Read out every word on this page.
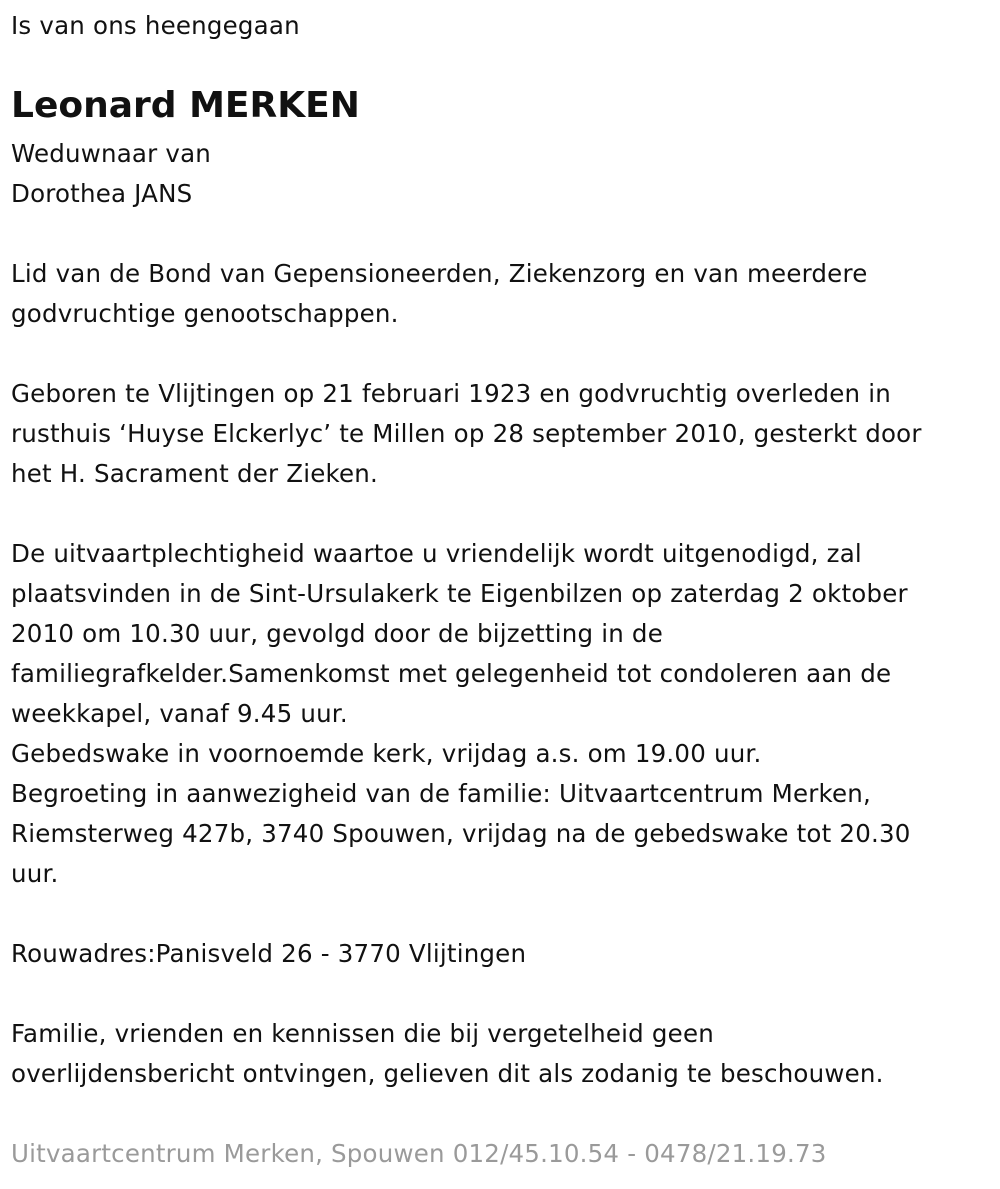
Is van ons heengegaan
Leonard MERKEN
Weduwnaar van
Dorothea JANS
Lid van de Bond van Gepensioneerden, Ziekenzorg en van meerdere
godvruchtige genootschappen.
Geboren te Vlijtingen op 21 februari 1923 en godvruchtig overleden in
rusthuis ‘Huyse Elckerlyc’ te Millen op 28 september 2010, gesterkt door
het H. Sacrament der Zieken.
De uitvaartplechtigheid waartoe u vriendelijk wordt uitgenodigd, zal
plaatsvinden in de Sint-Ursulakerk te Eigenbilzen op zaterdag 2 oktober
2010 om 10.30 uur, gevolgd door de bijzetting in de
familiegrafkelder.Samenkomst met gelegenheid tot condoleren aan de
weekkapel, vanaf 9.45 uur.
Gebedswake in voornoemde kerk, vrijdag a.s. om 19.00 uur.
Begroeting in aanwezigheid van de familie: Uitvaartcentrum Merken,
Riemsterweg 427b, 3740 Spouwen, vrijdag na de gebedswake tot 20.30
uur.
Rouwadres:Panisveld 26 - 3770 Vlijtingen
Familie, vrienden en kennissen die bij vergetelheid geen
overlijdensbericht ontvingen, gelieven dit als zodanig te beschouwen.
Uitvaartcentrum Merken, Spouwen 012/45.10.54 - 0478/21.19.73
